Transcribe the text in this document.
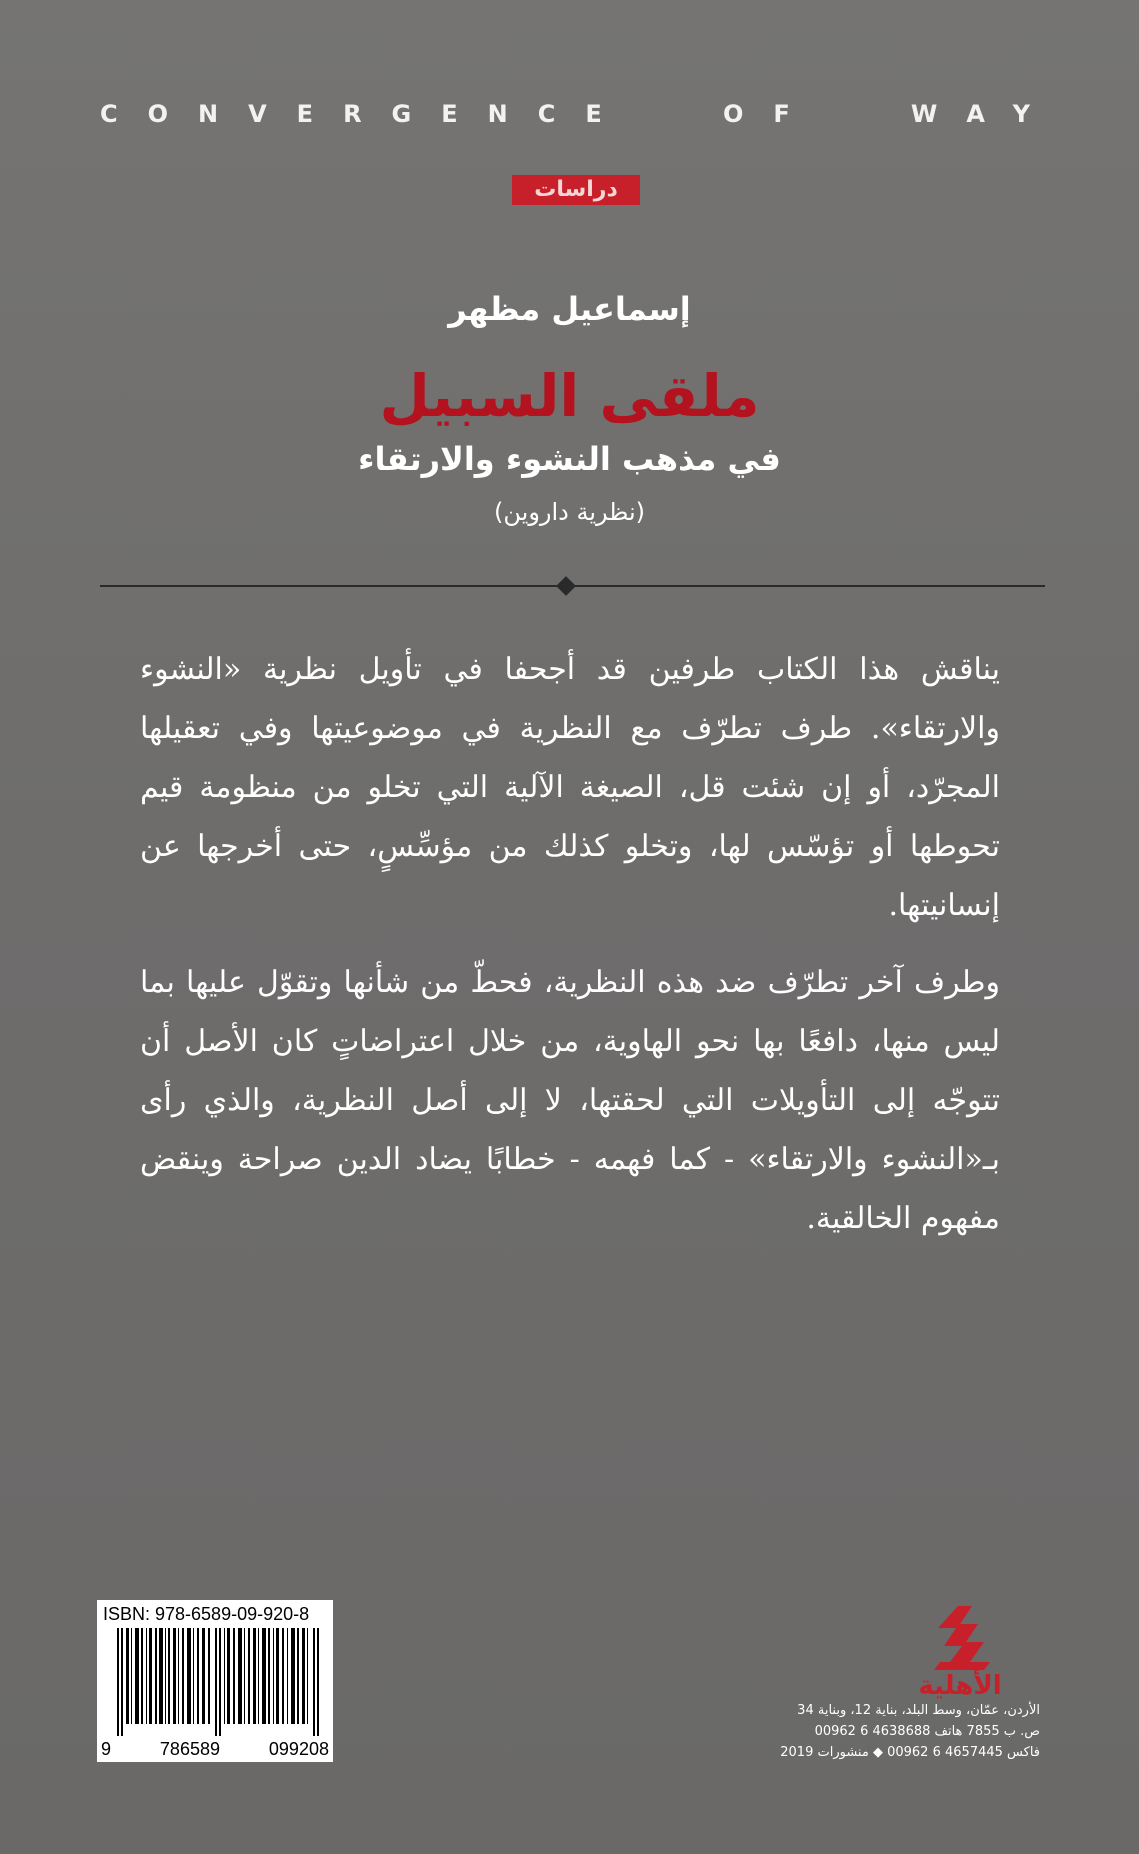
CONVERGENCE	OF	WAY
دراسات
إسماعيل مظهر
ملقى السبيل
في مذهب النشوء والارتقاء
(نظرية داروين)

يناقش هذا الكتاب طرفين قد أجحفا في تأويل نظرية «النشوء والارتقاء». طرف تطرّف مع النظرية في موضوعيتها وفي تعقيلها المجرّد، أو إن شئت قل، الصيغة الآلية التي تخلو من منظومة قيم تحوطها أو تؤسّس لها، وتخلو كذلك من مؤسِّسٍ، حتى أخرجها عن إنسانيتها.

وطرف آخر تطرّف ضد هذه النظرية، فحطّ من شأنها وتقوّل عليها بما ليس منها، دافعًا بها نحو الهاوية، من خلال اعتراضاتٍ كان الأصل أن تتوجّه إلى التأويلات التي لحقتها، لا إلى أصل النظرية، والذي رأى بـ«النشوء والارتقاء» - كما فهمه - خطابًا يضاد الدين صراحة وينقض مفهوم الخالقية.

ISBN: 978-6589-09-920-8
9	786589	099208
الأهلية
الأردن، عمّان، وسط البلد، بناية 12، وبناية 34
ص. ب 7855 هاتف 4638688 6 00962
فاكس 4657445 6 00962 ◆ منشورات 2019
